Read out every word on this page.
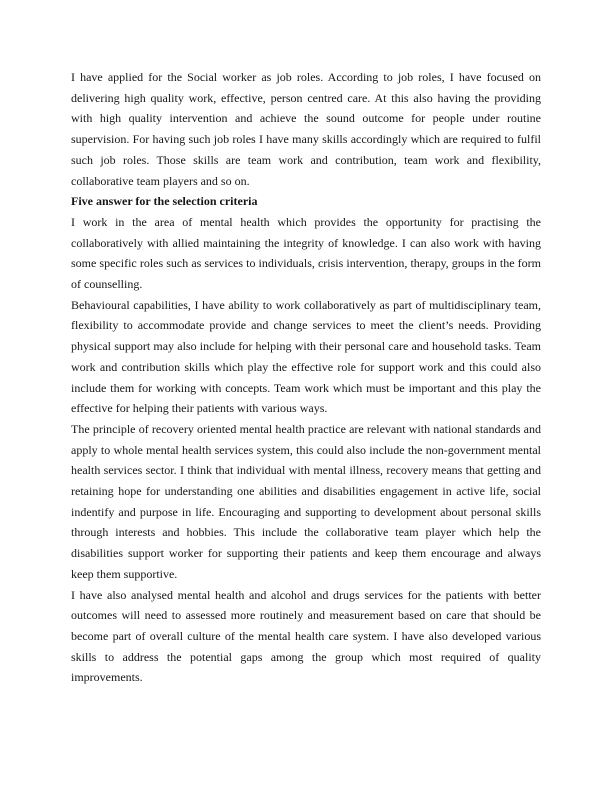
I have applied for the Social worker as job roles. According to job roles, I have focused on delivering high quality work, effective, person centred care. At this also having the providing with high quality intervention and achieve the sound outcome for people under routine supervision. For having such job roles I have many skills accordingly which are required to fulfil such job roles. Those skills are team work and contribution, team work and flexibility, collaborative team players and so on.

Five answer for the selection criteria

I work in the area of mental health which provides the opportunity for practising the collaboratively with allied maintaining the integrity of knowledge. I can also work with having some specific roles such as services to individuals, crisis intervention, therapy, groups in the form of counselling.

Behavioural capabilities, I have ability to work collaboratively as part of multidisciplinary team, flexibility to accommodate provide and change services to meet the client’s needs. Providing physical support may also include for helping with their personal care and household tasks. Team work and contribution skills which play the effective role for support work and this could also include them for working with concepts. Team work which must be important and this play the effective for helping their patients with various ways.

The principle of recovery oriented mental health practice are relevant with national standards and apply to whole mental health services system, this could also include the non-government mental health services sector. I think that individual with mental illness, recovery means that getting and retaining hope for understanding one abilities and disabilities engagement in active life, social indentify and purpose in life. Encouraging and supporting to development about personal skills through interests and hobbies. This include the collaborative team player which help the disabilities support worker for supporting their patients and keep them encourage and always keep them supportive.

I have also analysed mental health and alcohol and drugs services for the patients with better outcomes will need to assessed more routinely and measurement based on care that should be become part of overall culture of the mental health care system. I have also developed various skills to address the potential gaps among the group which most required of quality improvements.
